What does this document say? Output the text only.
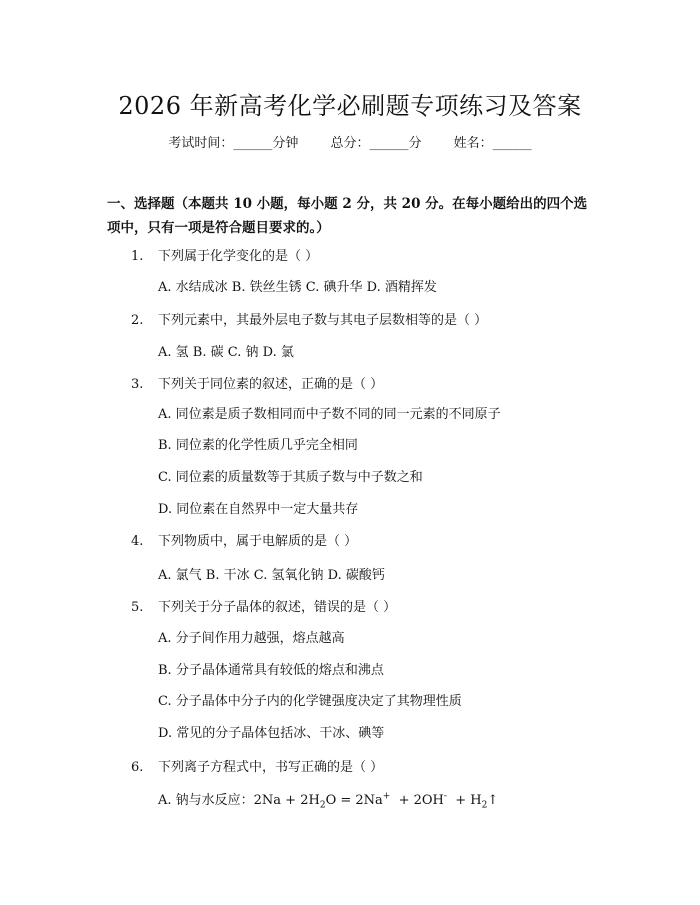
2026 年新高考化学必刷题专项练习及答案
考试时间：______分钟 总分：______分 姓名：______
一、选择题（本题共 10 小题，每小题 2 分，共 20 分。在每小题给出的四个选项中，只有一项是符合题目要求的。）
1. 下列属于化学变化的是（ ）
A. 水结成冰 B. 铁丝生锈 C. 碘升华 D. 酒精挥发
2. 下列元素中，其最外层电子数与其电子层数相等的是（ ）
A. 氢 B. 碳 C. 钠 D. 氯
3. 下列关于同位素的叙述，正确的是（ ）
A. 同位素是质子数相同而中子数不同的同一元素的不同原子
B. 同位素的化学性质几乎完全相同
C. 同位素的质量数等于其质子数与中子数之和
D. 同位素在自然界中一定大量共存
4. 下列物质中，属于电解质的是（ ）
A. 氯气 B. 干冰 C. 氢氧化钠 D. 碳酸钙
5. 下列关于分子晶体的叙述，错误的是（ ）
A. 分子间作用力越强，熔点越高
B. 分子晶体通常具有较低的熔点和沸点
C. 分子晶体中分子内的化学键强度决定了其物理性质
D. 常见的分子晶体包括冰、干冰、碘等
6. 下列离子方程式中，书写正确的是（ ）
A. 钠与水反应：$2Na + 2H_2O = 2Na^+ + 2OH^-$  + $H_2↑$
